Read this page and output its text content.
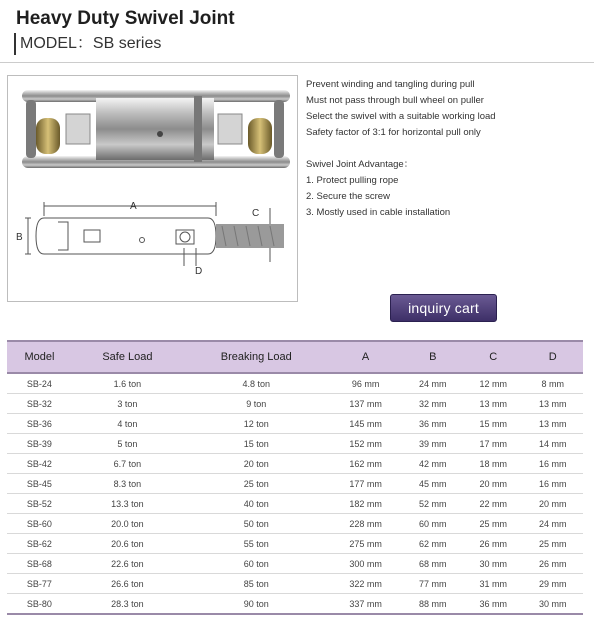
Heavy Duty Swivel Joint
MODEL：SB series
A
B
C
D
Prevent winding and tangling during pull
Must not pass through bull wheel on puller
Select the swivel with a suitable working load
Safety factor of 3:1 for horizontal pull only
Swivel Joint Advantage：
1. Protect pulling rope
2. Secure the screw
3. Mostly used in cable installation
inquiry cart
Model	Safe Load	Breaking Load	A	B	C	D
SB-24	1.6 ton	4.8 ton	96 mm	24 mm	12 mm	8 mm
SB-32	3 ton	9 ton	137 mm	32 mm	13 mm	13 mm
SB-36	4 ton	12 ton	145 mm	36 mm	15 mm	13 mm
SB-39	5 ton	15 ton	152 mm	39 mm	17 mm	14 mm
SB-42	6.7 ton	20 ton	162 mm	42 mm	18 mm	16 mm
SB-45	8.3 ton	25 ton	177 mm	45 mm	20 mm	16 mm
SB-52	13.3 ton	40 ton	182 mm	52 mm	22 mm	20 mm
SB-60	20.0 ton	50 ton	228 mm	60 mm	25 mm	24 mm
SB-62	20.6 ton	55 ton	275 mm	62 mm	26 mm	25 mm
SB-68	22.6 ton	60 ton	300 mm	68 mm	30 mm	26 mm
SB-77	26.6 ton	85 ton	322 mm	77 mm	31 mm	29 mm
SB-80	28.3 ton	90 ton	337 mm	88 mm	36 mm	30 mm
